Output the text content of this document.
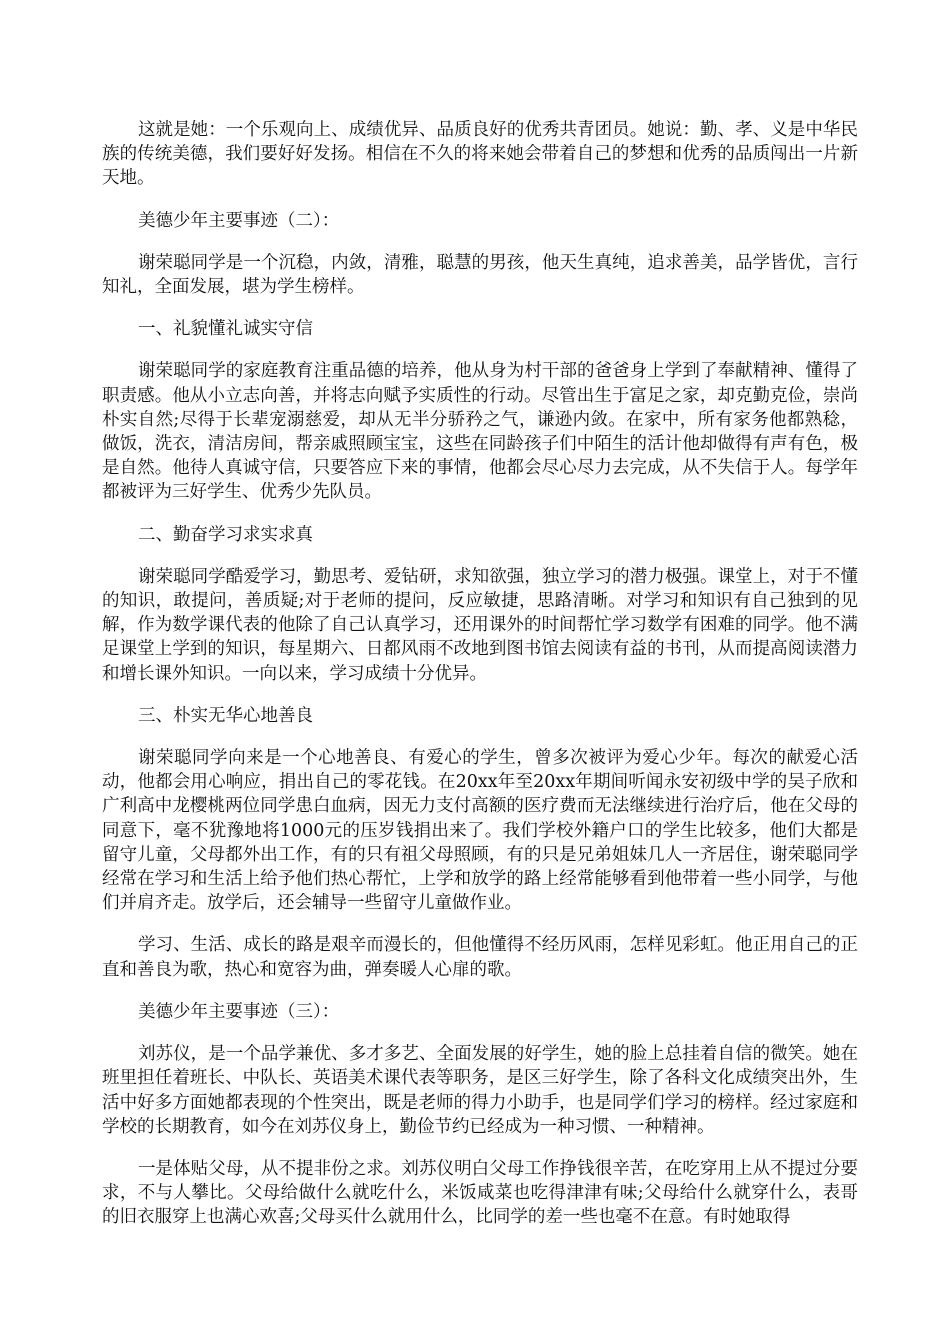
这就是她：一个乐观向上、成绩优异、品质良好的优秀共青团员。她说：勤、孝、义是中华民族的传统美德，我们要好好发扬。相信在不久的将来她会带着自己的梦想和优秀的品质闯出一片新天地。

美德少年主要事迹（二）：

谢荣聪同学是一个沉稳，内敛，清雅，聪慧的男孩，他天生真纯，追求善美，品学皆优，言行知礼，全面发展，堪为学生榜样。

一、礼貌懂礼诚实守信

谢荣聪同学的家庭教育注重品德的培养，他从身为村干部的爸爸身上学到了奉献精神、懂得了职责感。他从小立志向善，并将志向赋予实质性的行动。尽管出生于富足之家，却克勤克俭，崇尚朴实自然;尽得于长辈宠溺慈爱，却从无半分骄矜之气，谦逊内敛。在家中，所有家务他都熟稔，做饭，洗衣，清洁房间，帮亲戚照顾宝宝，这些在同龄孩子们中陌生的活计他却做得有声有色，极是自然。他待人真诚守信，只要答应下来的事情，他都会尽心尽力去完成，从不失信于人。每学年都被评为三好学生、优秀少先队员。

二、勤奋学习求实求真

谢荣聪同学酷爱学习，勤思考、爱钻研，求知欲强，独立学习的潜力极强。课堂上，对于不懂的知识，敢提问，善质疑;对于老师的提问，反应敏捷，思路清晰。对学习和知识有自己独到的见解，作为数学课代表的他除了自己认真学习，还用课外的时间帮忙学习数学有困难的同学。他不满足课堂上学到的知识，每星期六、日都风雨不改地到图书馆去阅读有益的书刊，从而提高阅读潜力和增长课外知识。一向以来，学习成绩十分优异。

三、朴实无华心地善良

谢荣聪同学向来是一个心地善良、有爱心的学生，曾多次被评为爱心少年。每次的献爱心活动，他都会用心响应，捐出自己的零花钱。在20xx年至20xx年期间听闻永安初级中学的吴子欣和广利高中龙樱桃两位同学患白血病，因无力支付高额的医疗费而无法继续进行治疗后，他在父母的同意下，毫不犹豫地将1000元的压岁钱捐出来了。我们学校外籍户口的学生比较多，他们大都是留守儿童，父母都外出工作，有的只有祖父母照顾，有的只是兄弟姐妹几人一齐居住，谢荣聪同学经常在学习和生活上给予他们热心帮忙，上学和放学的路上经常能够看到他带着一些小同学，与他们并肩齐走。放学后，还会辅导一些留守儿童做作业。

学习、生活、成长的路是艰辛而漫长的，但他懂得不经历风雨，怎样见彩虹。他正用自己的正直和善良为歌，热心和宽容为曲，弹奏暖人心扉的歌。

美德少年主要事迹（三）：

刘苏仪，是一个品学兼优、多才多艺、全面发展的好学生，她的脸上总挂着自信的微笑。她在班里担任着班长、中队长、英语美术课代表等职务，是区三好学生，除了各科文化成绩突出外，生活中好多方面她都表现的个性突出，既是老师的得力小助手，也是同学们学习的榜样。经过家庭和学校的长期教育，如今在刘苏仪身上，勤俭节约已经成为一种习惯、一种精神。

一是体贴父母，从不提非份之求。刘苏仪明白父母工作挣钱很辛苦，在吃穿用上从不提过分要求，不与人攀比。父母给做什么就吃什么，米饭咸菜也吃得津津有味;父母给什么就穿什么，表哥的旧衣服穿上也满心欢喜;父母买什么就用什么，比同学的差一些也毫不在意。有时她取得
